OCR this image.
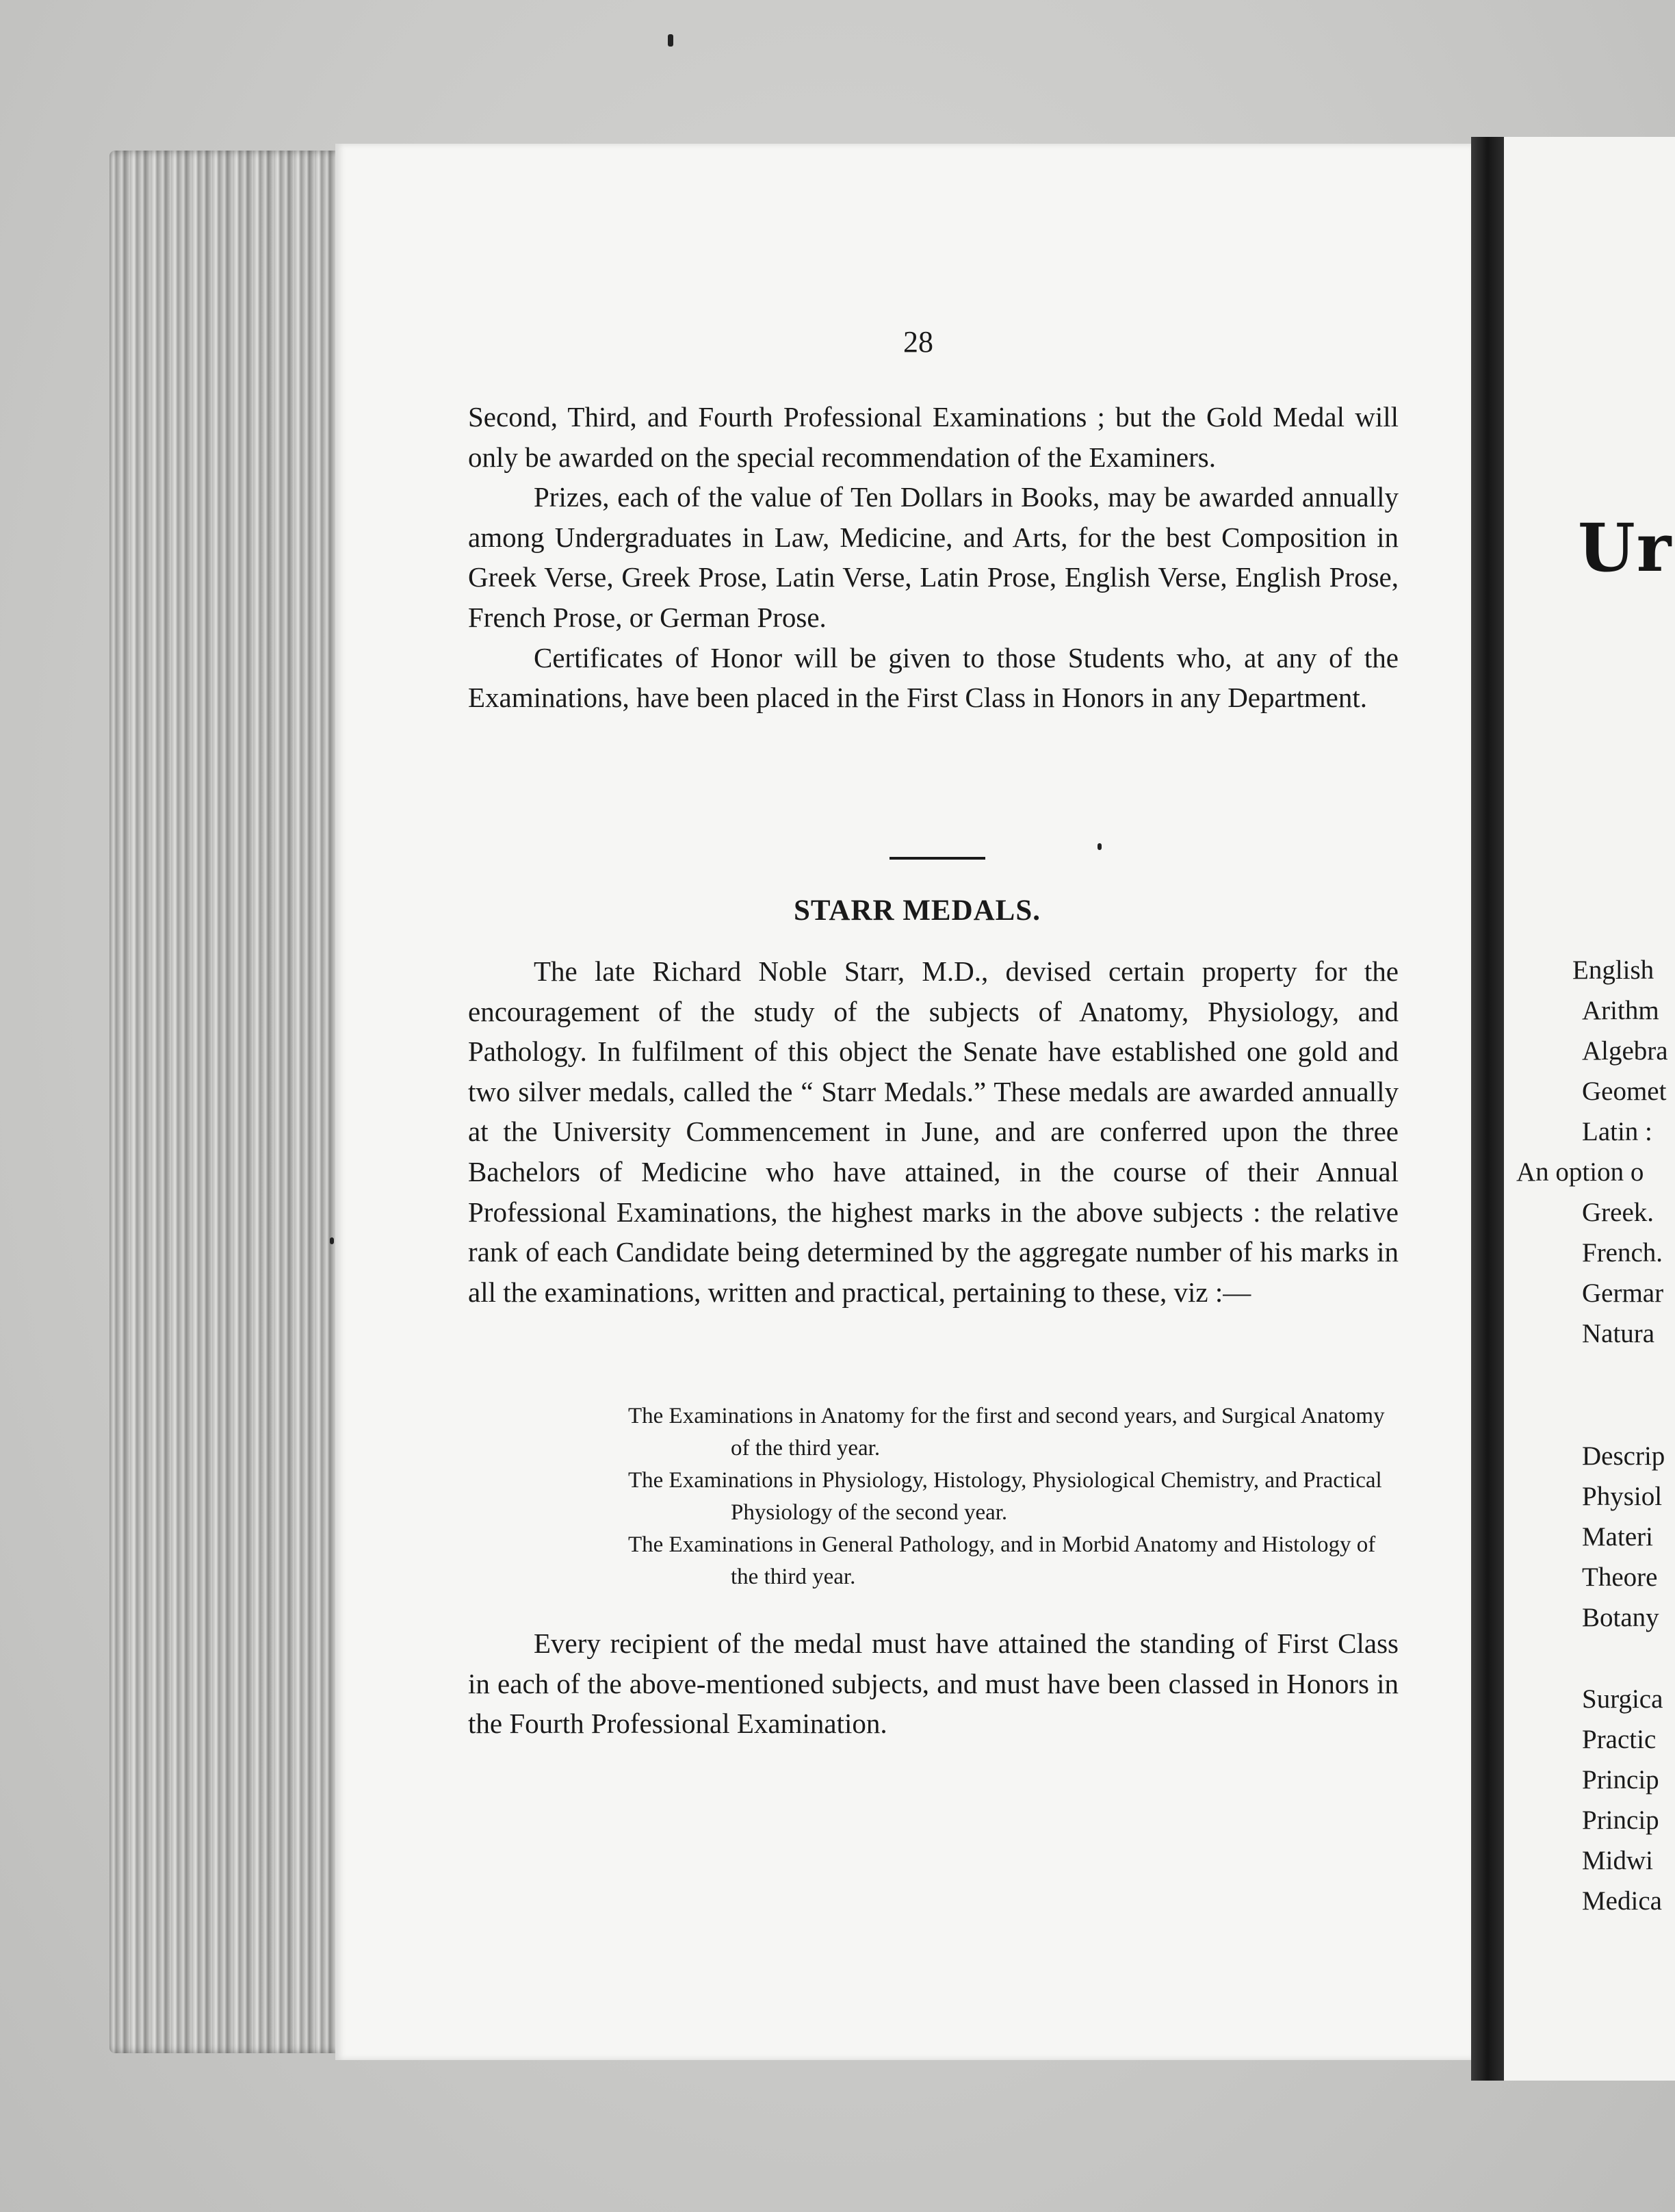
28

Second, Third, and Fourth Professional Examinations ; but the Gold Medal will only be awarded on the special recommendation of the Examiners.

Prizes, each of the value of Ten Dollars in Books, may be awarded annually among Undergraduates in Law, Medicine, and Arts, for the best Composition in Greek Verse, Greek Prose, Latin Verse, Latin Prose, English Verse, English Prose, French Prose, or German Prose.

Certificates of Honor will be given to those Students who, at any of the Examinations, have been placed in the First Class in Honors in any Department.

STARR MEDALS.

The late Richard Noble Starr, M.D., devised certain property for the encouragement of the study of the subjects of Anatomy, Physiology, and Pathology. In fulfilment of this object the Senate have established one gold and two silver medals, called the “ Starr Medals.” These medals are awarded annually at the University Commencement in June, and are conferred upon the three Bachelors of Medicine who have attained, in the course of their Annual Professional Examinations, the highest marks in the above subjects : the relative rank of each Candidate being determined by the aggregate number of his marks in all the examinations, written and practical, pertaining to these, viz :—

The Examinations in Anatomy for the first and second years, and Surgical Anatomy of the third year.

The Examinations in Physiology, Histology, Physiological Chemistry, and Practical Physiology of the second year.

The Examinations in General Pathology, and in Morbid Anatomy and Histology of the third year.

Every recipient of the medal must have attained the standing of First Class in each of the above-mentioned subjects, and must have been classed in Honors in the Fourth Professional Examination.

Ur
English
Arithm
Algebra
Geomet
Latin :
An option o
Greek.
French.
Germar
Natura
Descrip
Physiol
Materi
Theore
Botany
Surgica
Practic
Princip
Princip
Midwi
Medica
